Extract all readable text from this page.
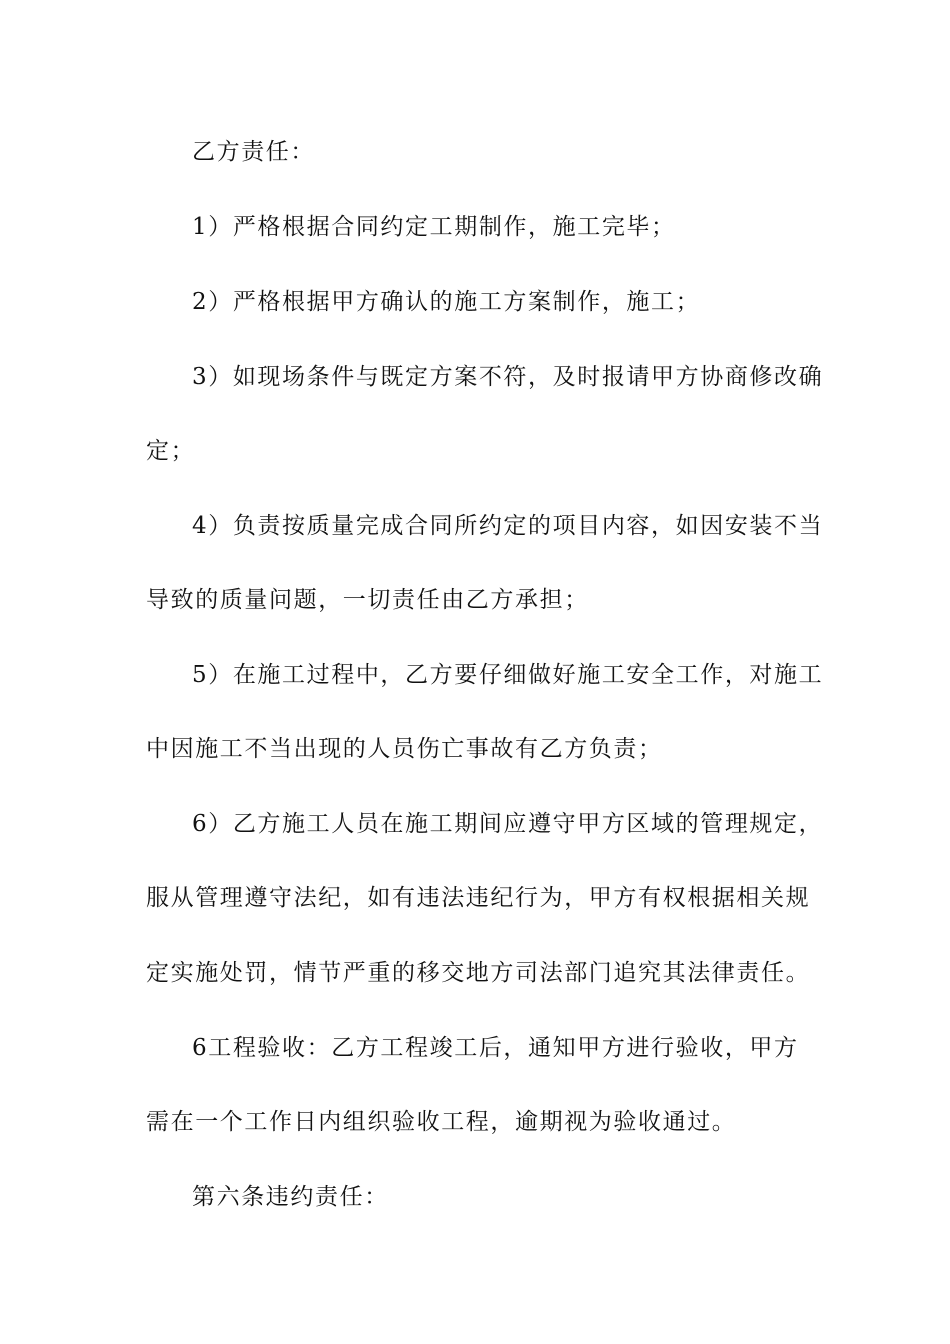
乙方责任：
1）严格根据合同约定工期制作，施工完毕；
2）严格根据甲方确认的施工方案制作，施工；
3）如现场条件与既定方案不符，及时报请甲方协商修改确
定；
4）负责按质量完成合同所约定的项目内容，如因安装不当
导致的质量问题，一切责任由乙方承担；
5）在施工过程中，乙方要仔细做好施工安全工作，对施工
中因施工不当出现的人员伤亡事故有乙方负责；
6）乙方施工人员在施工期间应遵守甲方区域的管理规定，
服从管理遵守法纪，如有违法违纪行为，甲方有权根据相关规
定实施处罚，情节严重的移交地方司法部门追究其法律责任。
6工程验收：乙方工程竣工后，通知甲方进行验收，甲方
需在一个工作日内组织验收工程，逾期视为验收通过。
第六条违约责任：
